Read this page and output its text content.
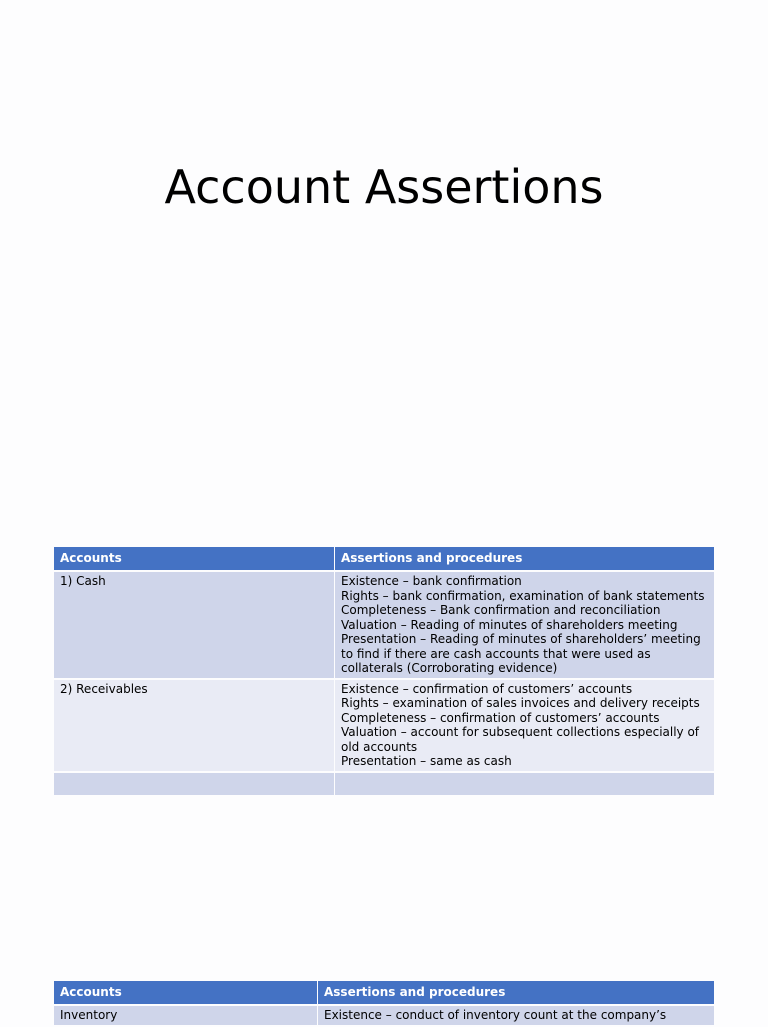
Account Assertions
Accounts	Assertions and procedures
1) Cash	Existence – bank confirmation
Rights – bank confirmation, examination of bank statements
Completeness – Bank confirmation and reconciliation
Valuation – Reading of minutes of shareholders meeting
Presentation – Reading of minutes of shareholders’ meeting to find if there are cash accounts that were used as collaterals (Corroborating evidence)

2) Receivables	Existence – confirmation of customers’ accounts
Rights – examination of sales invoices and delivery receipts
Completeness – confirmation of customers’ accounts
Valuation – account for subsequent collections especially of old accounts
Presentation – same as cash

Accounts	Assertions and procedures
Inventory	Existence – conduct of inventory count at the company’s
